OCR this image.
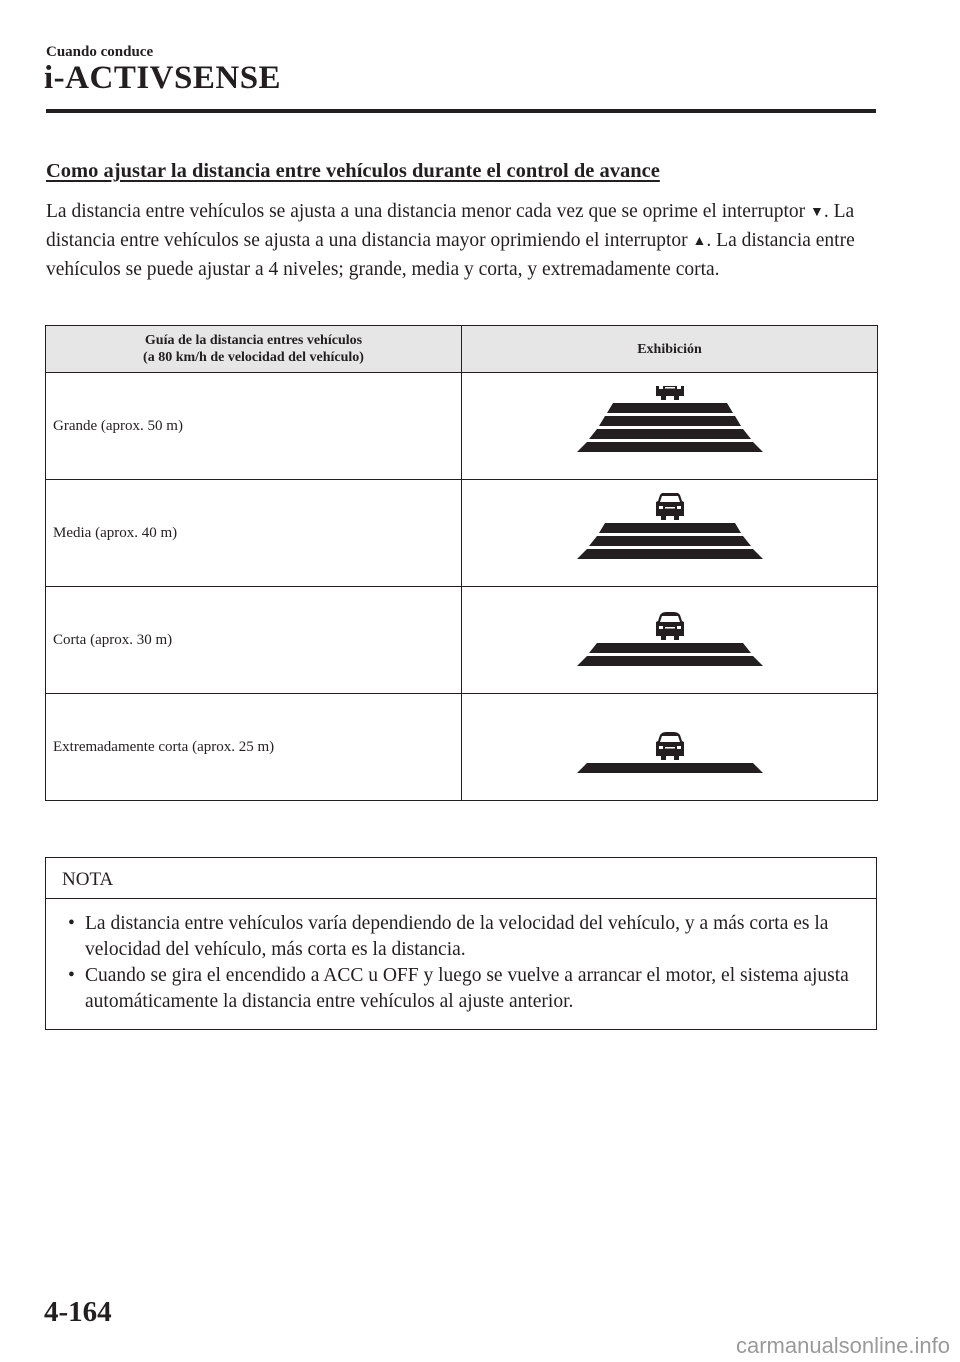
Cuando conduce
i-ACTIVSENSE
Como ajustar la distancia entre vehículos durante el control de avance

La distancia entre vehículos se ajusta a una distancia menor cada vez que se oprime el interruptor ▼. La distancia entre vehículos se ajusta a una distancia mayor oprimiendo el interruptor ▲. La distancia entre vehículos se puede ajustar a 4 niveles; grande, media y corta, y extremadamente corta.

Guía de la distancia entres vehículos
(a 80 km/h de velocidad del vehículo)	Exhibición
Grande (aprox. 50 m)	

Media (aprox. 40 m)	

Corta (aprox. 30 m)	

Extremadamente corta (aprox. 25 m)	
NOTA
• La distancia entre vehículos varía dependiendo de la velocidad del vehículo, y a más corta es la velocidad del vehículo, más corta es la distancia.
• Cuando se gira el encendido a ACC u OFF y luego se vuelve a arrancar el motor, el sistema ajusta automáticamente la distancia entre vehículos al ajuste anterior.
4-164
carmanualsonline.info
